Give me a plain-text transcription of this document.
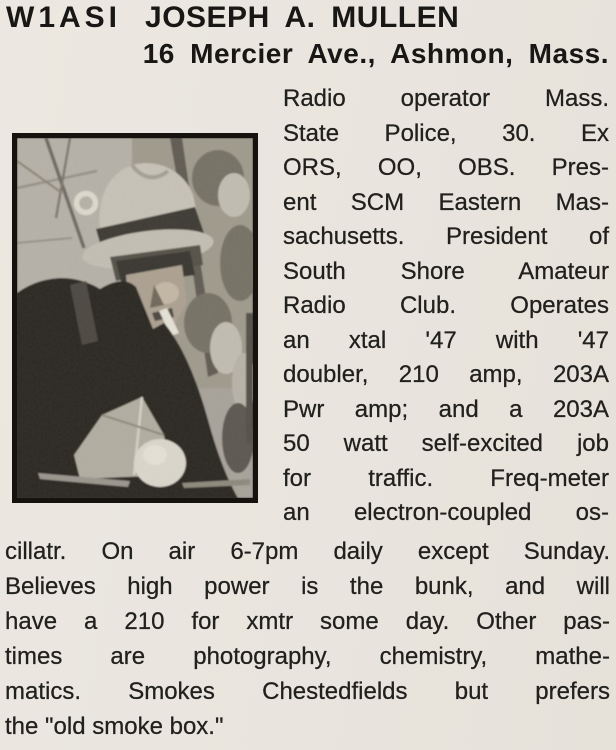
W1ASI JOSEPH A. MULLEN
16 Mercier Ave., Ashmon, Mass.
Radio operator Mass.
State Police, 30. Ex
ORS, OO, OBS. Pres-
ent SCM Eastern Mas-
sachusetts. President of
South Shore Amateur
Radio Club. Operates
an xtal '47 with '47
doubler, 210 amp, 203A
Pwr amp; and a 203A
50 watt self-excited job
for traffic. Freq-meter
an electron-coupled os-
cillatr. On air 6-7pm daily except Sunday.
Believes high power is the bunk, and will
have a 210 for xmtr some day. Other pas-
times are photography, chemistry, mathe-
matics. Smokes Chestedfields but prefers
the "old smoke box."
